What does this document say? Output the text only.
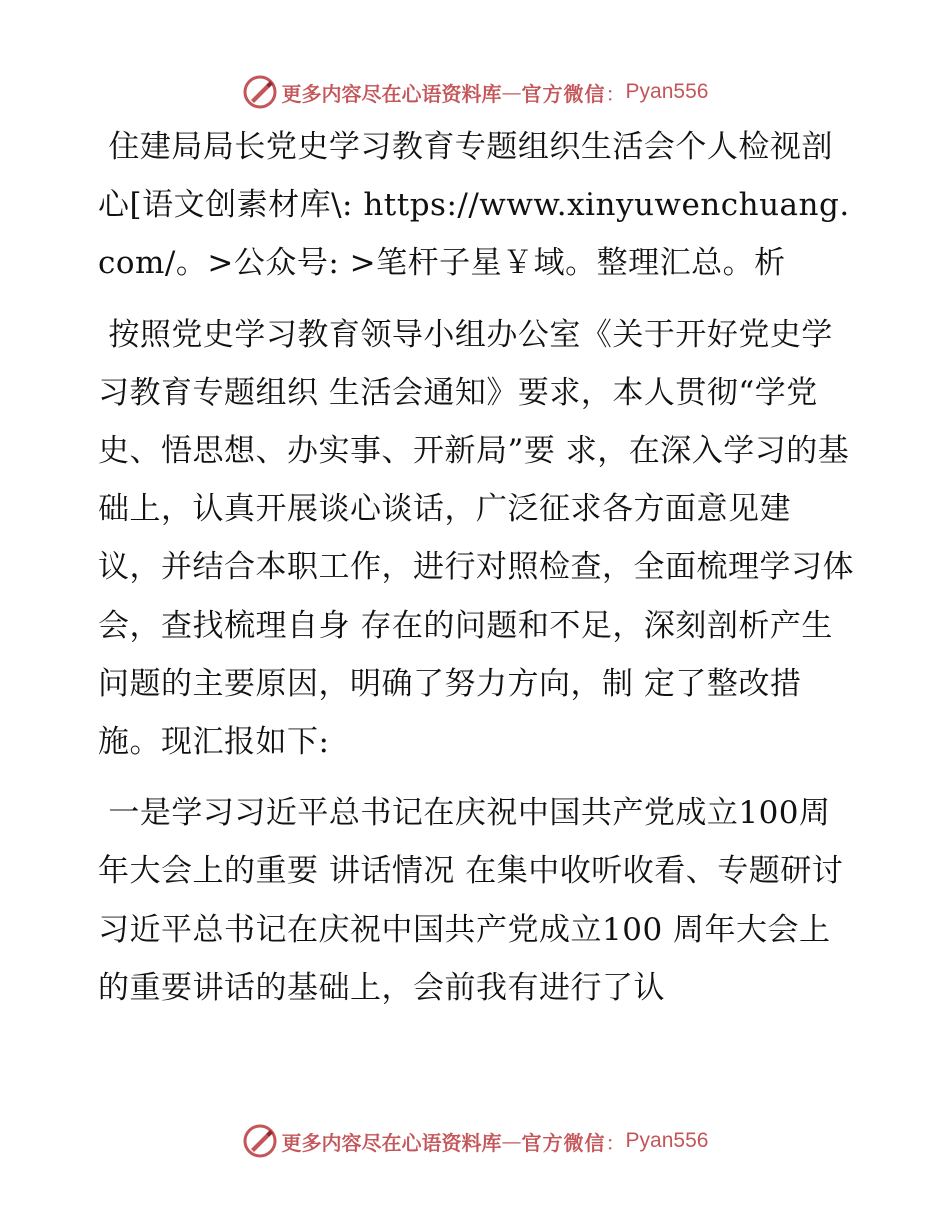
更多内容尽在心语资料库 — 官方微信 ： Pyan556

住建局局长党史学习教育专题组织生活会个人检视剖心[语文创素材库\: https://www.xinyuwenchuang.com/。>公众号: >笔杆子星￥域。整理汇总。析

按照党史学习教育领导小组办公室《关于开好党史学习教育专题组织 生活会通知》要求，本人贯彻“学党史、悟思想、办实事、开新局”要 求，在深入学习的基础上，认真开展谈心谈话，广泛征求各方面意见建 议，并结合本职工作，进行对照检查，全面梳理学习体会，查找梳理自身 存在的问题和不足，深刻剖析产生问题的主要原因，明确了努力方向，制 定了整改措施。现汇报如下:

一是学习习近平总书记在庆祝中国共产党成立100周年大会上的重要 讲话情况 在集中收听收看、专题研讨习近平总书记在庆祝中国共产党成立100 周年大会上的重要讲话的基础上，会前我有进行了认

更多内容尽在心语资料库 — 官方微信 ： Pyan556
